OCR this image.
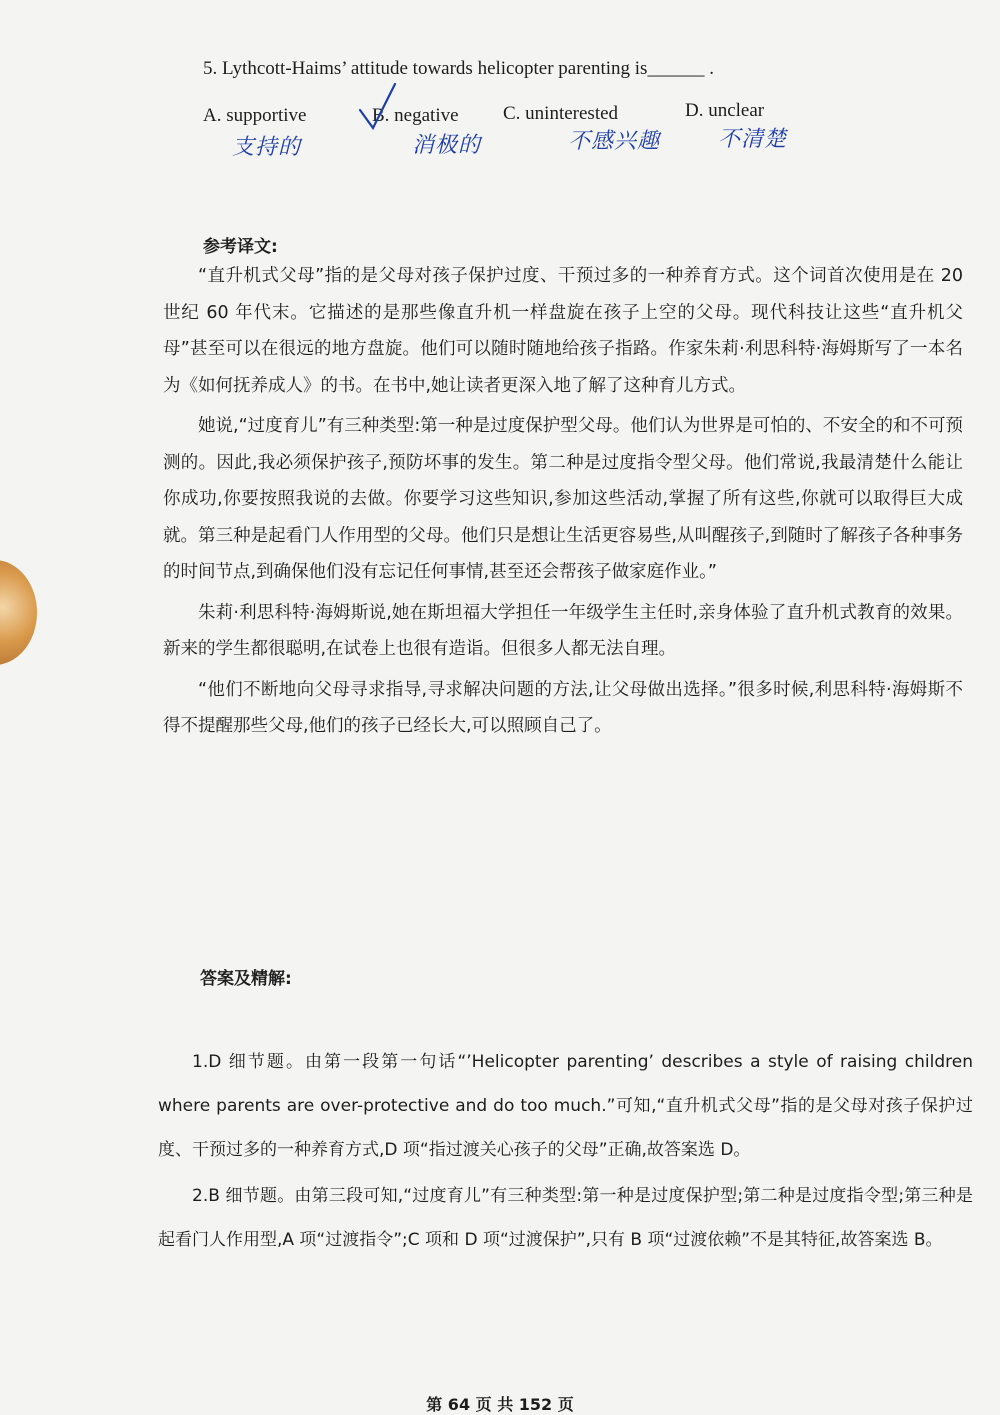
5. Lythcott-Haims’ attitude towards helicopter parenting is______ .
A. supportive	B. negative C. uninterested	D. unclear
支持的	消极的	不感兴趣	不清楚
参考译文:

“直升机式父母”指的是父母对孩子保护过度、干预过多的一种养育方式。这个词首次使用是在 20 世纪 60 年代末。它描述的是那些像直升机一样盘旋在孩子上空的父母。现代科技让这些“直升机父母”甚至可以在很远的地方盘旋。他们可以随时随地给孩子指路。作家朱莉·利思科特·海姆斯写了一本名为《如何抚养成人》的书。在书中,她让读者更深入地了解了这种育儿方式。

她说,“过度育儿”有三种类型:第一种是过度保护型父母。他们认为世界是可怕的、不安全的和不可预测的。因此,我必须保护孩子,预防坏事的发生。第二种是过度指令型父母。他们常说,我最清楚什么能让你成功,你要按照我说的去做。你要学习这些知识,参加这些活动,掌握了所有这些,你就可以取得巨大成就。第三种是起看门人作用型的父母。他们只是想让生活更容易些,从叫醒孩子,到随时了解孩子各种事务的时间节点,到确保他们没有忘记任何事情,甚至还会帮孩子做家庭作业。”

朱莉·利思科特·海姆斯说,她在斯坦福大学担任一年级学生主任时,亲身体验了直升机式教育的效果。新来的学生都很聪明,在试卷上也很有造诣。但很多人都无法自理。

“他们不断地向父母寻求指导,寻求解决问题的方法,让父母做出选择。”很多时候,利思科特·海姆斯不得不提醒那些父母,他们的孩子已经长大,可以照顾自己了。

答案及精解:

1.D 细节题。由第一段第一句话“’Helicopter parenting’ describes a style of raising children where parents are over-protective and do too much.”可知,“直升机式父母”指的是父母对孩子保护过度、干预过多的一种养育方式,D 项“指过渡关心孩子的父母”正确,故答案选 D。

2.B 细节题。由第三段可知,“过度育儿”有三种类型:第一种是过度保护型;第二种是过度指令型;第三种是起看门人作用型,A 项“过渡指令”;C 项和 D 项“过渡保护”,只有 B 项“过渡依赖”不是其特征,故答案选 B。

第 64 页 共 152 页
